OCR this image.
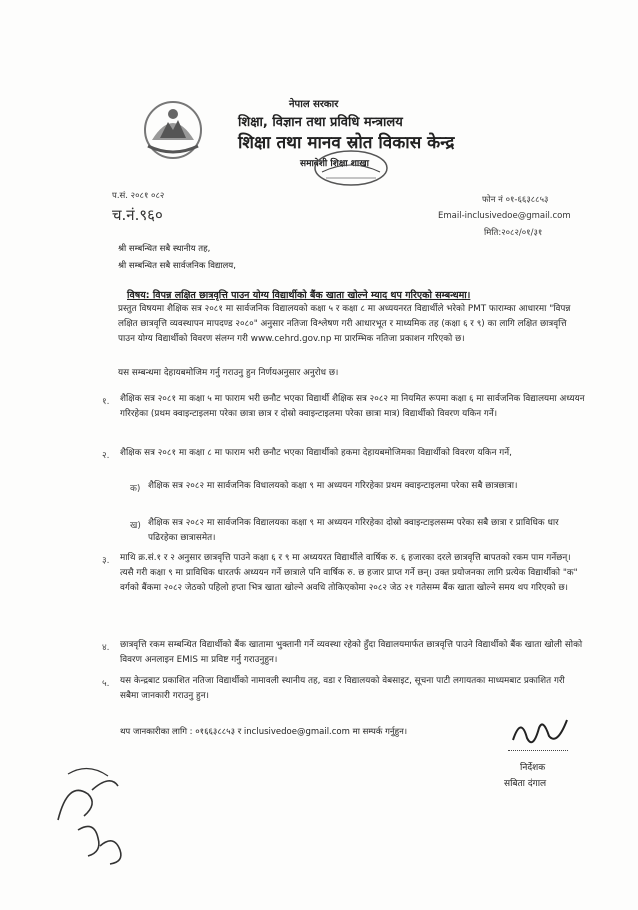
नेपाल सरकार
शिक्षा, विज्ञान तथा प्रविधि मन्त्रालय
शिक्षा तथा मानव स्रोत विकास केन्द्र
समावेशी शिक्षा शाखा
प.सं. २०८१ ०८२
च.नं.९६०
फोन नं ०१-६६३८८५३
Email-inclusivedoe@gmail.com
मिति:२०८२/०१/३१
श्री सम्बन्धित सबै स्थानीय तह,
श्री सम्बन्धित सबै सार्वजनिक विद्यालय,
विषय: विपन्न लक्षित छात्रवृत्ति पाउन योग्य विद्यार्थीको बैंक खाता खोल्ने म्याद थप गरिएको सम्बन्धमा।
प्रस्तुत विषयमा शैक्षिक सत्र २०८१ मा सार्वजनिक विद्यालयको कक्षा ५ र कक्षा ८ मा अध्ययनरत विद्यार्थीले भरेको PMT फाराम्का आधारमा "विपन्न लक्षित छात्रवृत्ति व्यवस्थापन मापदण्ड २०८०" अनुसार नतिजा विश्लेषण गरी आधारभूत र माध्यमिक तह (कक्षा ६ र ९) का लागि लक्षित छात्रवृत्ति पाउन योग्य विद्यार्थीको विवरण संलग्न गरी www.cehrd.gov.np मा प्रारम्भिक नतिजा प्रकाशन गरिएको छ।
यस सम्बन्धमा देहायबमोजिम गर्नु गराउनु हुन निर्णयअनुसार अनुरोध छ।
१. शैक्षिक सत्र २०८१ मा कक्षा ५ मा फाराम भरी छनौट भएका विद्यार्थी शैक्षिक सत्र २०८२ मा नियमित रूपमा कक्षा ६ मा सार्वजनिक विद्यालयमा अध्ययन गरिरहेका (प्रथम क्वाइन्टाइलमा परेका छात्रा छात्र र दोस्रो क्वाइन्टाइलमा परेका छात्रा मात्र) विद्यार्थीको विवरण यकिन गर्ने।
२. शैक्षिक सत्र २०८१ मा कक्षा ८ मा फाराम भरी छनौट भएका विद्यार्थीको हकमा देहायबमोजिमका विद्यार्थीको विवरण यकिन गर्ने,
क) शैक्षिक सत्र २०८२ मा सार्वजनिक विधालयको कक्षा ९ मा अध्ययन गरिरहेका प्रथम क्वाइन्टाइलमा परेका सबै छात्रछात्रा।
ख) शैक्षिक सत्र २०८२ मा सार्वजनिक विद्यालयका कक्षा ९ मा अध्ययन गरिरहेका दोस्रो क्वाइन्टाइलसम्म परेका सबै छात्रा र प्राविधिक धार पढिरहेका छात्रासमेत।
३. माथि क्र.सं.१ र २ अनुसार छात्रवृत्ति पाउने कक्षा ६ र ९ मा अध्ययरत विद्यार्थीले वार्षिक रु. ६ हजारका दरले छात्रवृत्ति बापतको रकम पाम गर्नेछन्। त्यसै गरी कक्षा ९ मा प्राविधिक धारतर्फ अध्ययन गर्ने छात्राले पनि वार्षिक रु. छ हजार प्राप्त गर्ने छन्। उक्त प्रयोजनका लागि प्रत्येक विद्यार्थीको "क" वर्गको बैंकमा २०८२ जेठको पहिलो हप्ता भित्र खाता खोल्ने अवधि तोकिएकोमा २०८२ जेठ २१ गतेसम्म बैंक खाता खोल्ने समय थप गरिएको छ।
४. छात्रवृत्ति रकम सम्बन्धित विद्यार्थीको बैंक खातामा भुक्तानी गर्ने व्यवस्था रहेको हुँदा विद्यालयमार्फत छात्रवृत्ति पाउने विद्यार्थीको बैंक खाता खोली सोको विवरण अनलाइन EMIS मा प्रविष्ट गर्नु गराउनुहुन।
५. यस केन्द्रबाट प्रकाशित नतिजा विद्यार्थीको नामावली स्थानीय तह, वडा र विद्यालयको वेबसाइट, सूचना पाटी लगायतका माध्यमबाट प्रकाशित गरी सबैमा जानकारी गराउनु हुन।
थप जानकारीका लागि : ०१६६३८८५३ र inclusivedoe@gmail.com मा सम्पर्क गर्नुहुन।
निर्देशक
सबिता दंगाल
